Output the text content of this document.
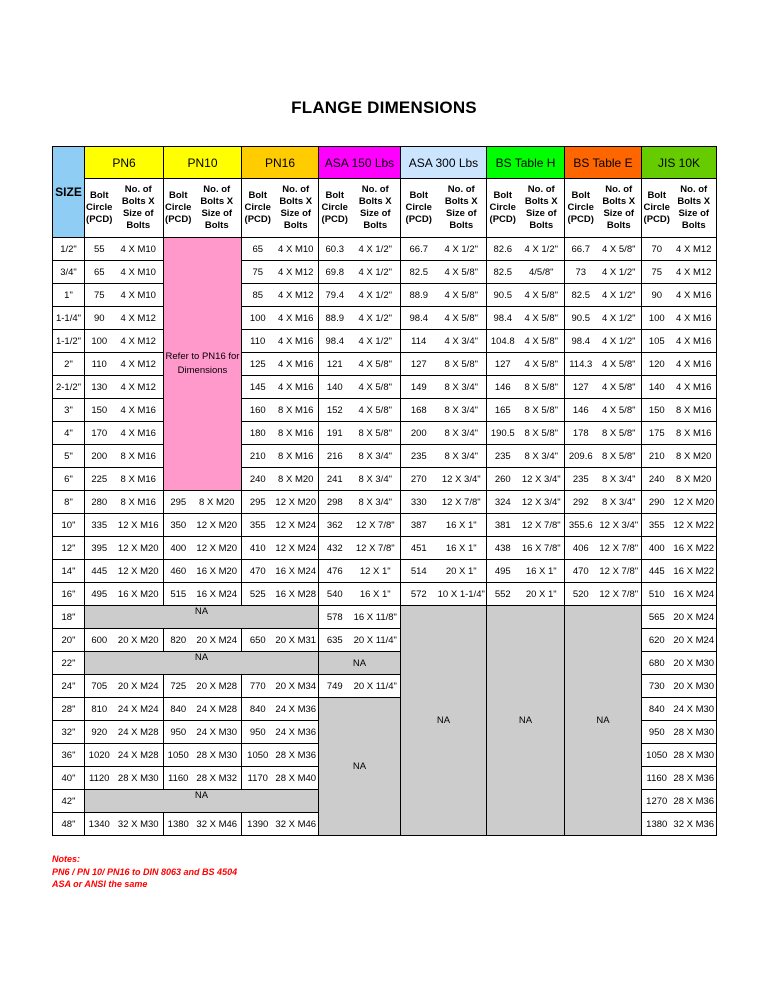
FLANGE DIMENSIONS
SIZE	PN6		PN10		PN16		ASA 150 Lbs		ASA 300 Lbs		BS Table H		BS Table E		JIS 10K	
	Bolt Circle (PCD)	No. of Bolts X Size of Bolts	Bolt Circle (PCD)	No. of Bolts X Size of Bolts	Bolt Circle (PCD)	No. of Bolts X Size of Bolts	Bolt Circle (PCD)	No. of Bolts X Size of Bolts	Bolt Circle (PCD)	No. of Bolts X Size of Bolts	Bolt Circle (PCD)	No. of Bolts X Size of Bolts	Bolt Circle (PCD)	No. of Bolts X Size of Bolts	Bolt Circle (PCD)	No. of Bolts X Size of Bolts
1/2"	55	4 X M10	Refer to PN16 for Dimensions		65	4 X M10	60.3	4 X 1/2"	66.7	4 X 1/2"	82.6	4 X 1/2"	66.7	4 X 5/8"	70	4 X M12
3/4"	65	4 X M10			75	4 X M12	69.8	4 X 1/2"	82.5	4 X 5/8"	82.5	4/5/8"	73	4 X 1/2"	75	4 X M12
1"	75	4 X M10			85	4 X M12	79.4	4 X 1/2"	88.9	4 X 5/8"	90.5	4 X 5/8"	82.5	4 X 1/2"	90	4 X M16
1-1/4"	90	4 X M12			100	4 X M16	88.9	4 X 1/2"	98.4	4 X 5/8"	98.4	4 X 5/8"	90.5	4 X 1/2"	100	4 X M16
1-1/2"	100	4 X M12			110	4 X M16	98.4	4 X 1/2"	114	4 X 3/4"	104.8	4 X 5/8"	98.4	4 X 1/2"	105	4 X M16
2"	110	4 X M12			125	4 X M16	121	4 X 5/8"	127	8 X 5/8"	127	4 X 5/8"	114.3	4 X 5/8"	120	4 X M16
2-1/2"	130	4 X M12			145	4 X M16	140	4 X 5/8"	149	8 X 3/4"	146	8 X 5/8"	127	4 X 5/8"	140	4 X M16
3"	150	4 X M16			160	8 X M16	152	4 X 5/8"	168	8 X 3/4"	165	8 X 5/8"	146	4 X 5/8"	150	8 X M16
4"	170	4 X M16			180	8 X M16	191	8 X 5/8"	200	8 X 3/4"	190.5	8 X 5/8"	178	8 X 5/8"	175	8 X M16
5"	200	8 X M16			210	8 X M16	216	8 X 3/4"	235	8 X 3/4"	235	8 X 3/4"	209.6	8 X 5/8"	210	8 X M20
6"	225	8 X M16			240	8 X M20	241	8 X 3/4"	270	12 X 3/4"	260	12 X 3/4"	235	8 X 3/4"	240	8 X M20
8"	280	8 X M16	295	8 X M20	295	12 X M20	298	8 X 3/4"	330	12 X 7/8"	324	12 X 3/4"	292	8 X 3/4"	290	12 X M20
10"	335	12 X M16	350	12 X M20	355	12 X M24	362	12 X 7/8"	387	16 X 1"	381	12 X 7/8"	355.6	12 X 3/4"	355	12 X M22
12"	395	12 X M20	400	12 X M20	410	12 X M24	432	12 X 7/8"	451	16 X 1"	438	16 X 7/8"	406	12 X 7/8"	400	16 X M22
14"	445	12 X M20	460	16 X M20	470	16 X M24	476	12 X 1"	514	20 X 1"	495	16 X 1"	470	12 X 7/8"	445	16 X M22
16"	495	16 X M20	515	16 X M24	525	16 X M28	540	16 X 1"	572	10 X 1-1/4"	552	20 X 1"	520	12 X 7/8"	510	16 X M24
18"	NA						578	16 X 11/8"	NA		NA		NA		565	20 X M24
20"	600	20 X M20	820	20 X M24	650	20 X M31	635	20 X 11/4"							620	20 X M24
22"	NA						NA								680	20 X M30
24"	705	20 X M24	725	20 X M28	770	20 X M34	749	20 X 11/4"							730	20 X M30
28"	810	24 X M24	840	24 X M28	840	24 X M36	NA								840	24 X M30
32"	920	24 X M28	950	24 X M30	950	24 X M36									950	28 X M30
36"	1020	24 X M28	1050	28 X M30	1050	28 X M36									1050	28 X M30
40"	1120	28 X M30	1160	28 X M32	1170	28 X M40									1160	28 X M36
42"	NA														1270	28 X M36
48"	1340	32 X M30	1380	32 X M46	1390	32 X M46									1380	32 X M36
Notes:
PN6 / PN 10/ PN16 to DIN 8063 and BS 4504
ASA or ANSI the same
